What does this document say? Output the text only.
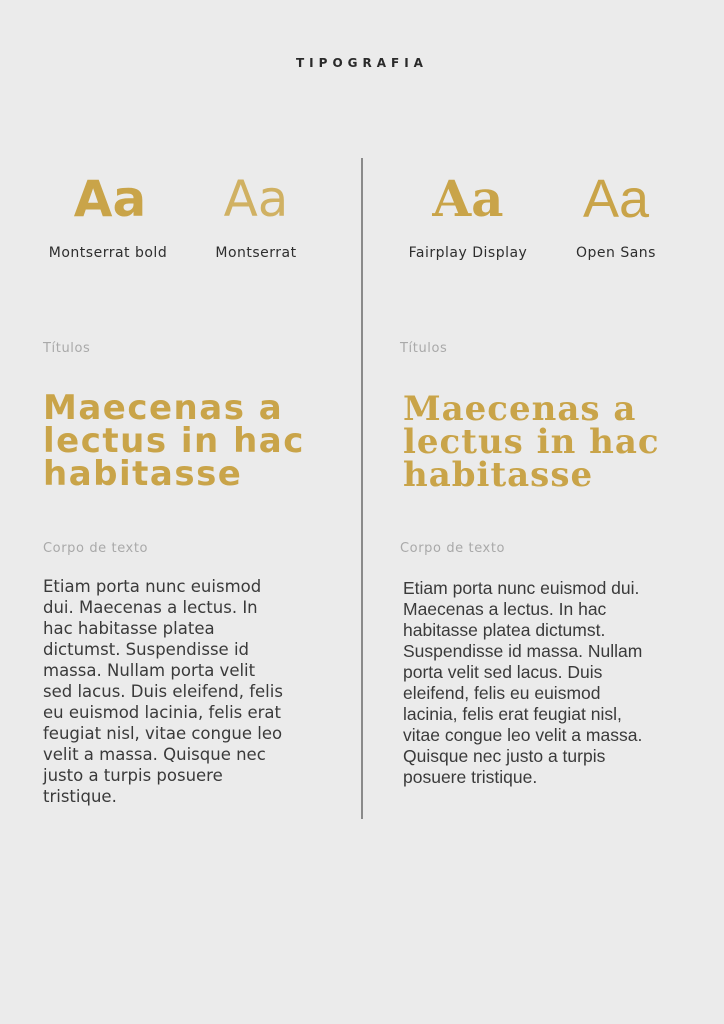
TIPOGRAFIA
Aa
Montserrat bold
Aa
Montserrat
Títulos
Maecenas a
lectus in hac
habitasse
Corpo de texto
Etiam porta nunc euismod
dui. Maecenas a lectus. In
hac habitasse platea
dictumst. Suspendisse id
massa. Nullam porta velit
sed lacus. Duis eleifend, felis
eu euismod lacinia, felis erat
feugiat nisl, vitae congue leo
velit a massa. Quisque nec
justo a turpis posuere
tristique.
Aa
Fairplay Display
Aa
Open Sans
Títulos
Maecenas a
lectus in hac
habitasse
Corpo de texto
Etiam porta nunc euismod dui.
Maecenas a lectus. In hac
habitasse platea dictumst.
Suspendisse id massa. Nullam
porta velit sed lacus. Duis
eleifend, felis eu euismod
lacinia, felis erat feugiat nisl,
vitae congue leo velit a massa.
Quisque nec justo a turpis
posuere tristique.
